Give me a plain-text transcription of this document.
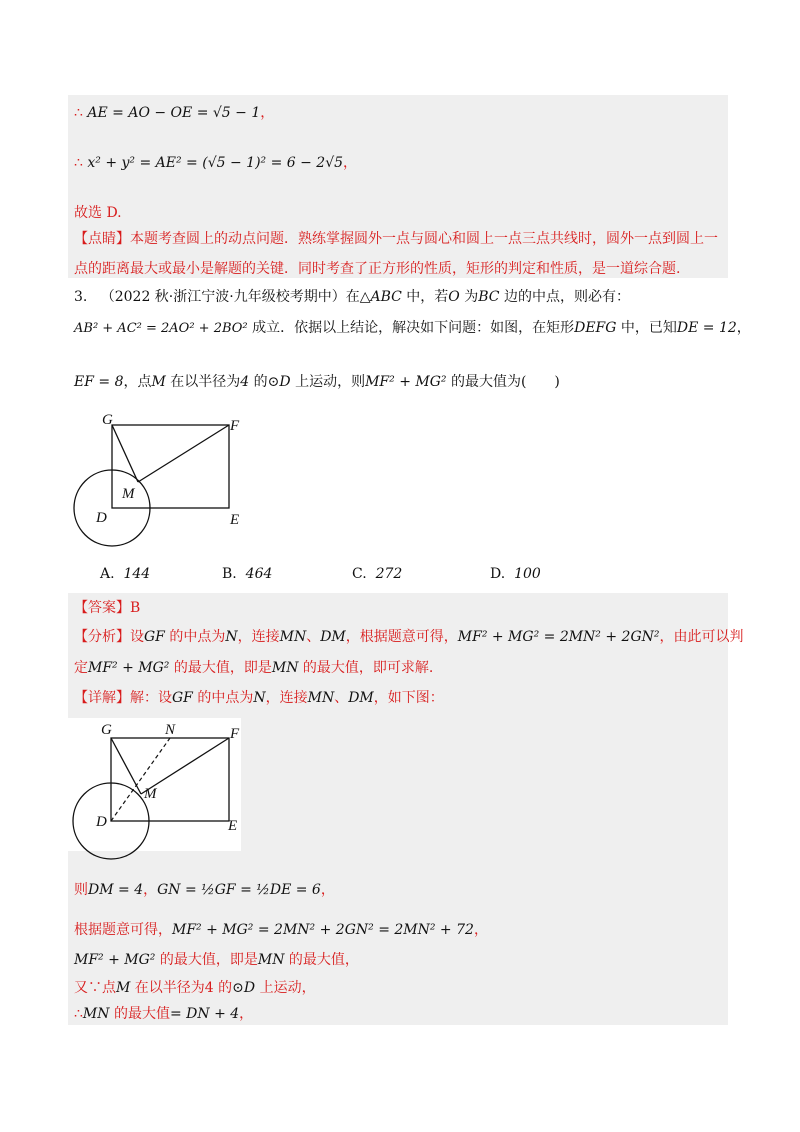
∴ AE = AO − OE = √5 − 1，
∴ x² + y² = AE² = (√5 − 1)² = 6 − 2√5，
故选 D.
【点睛】本题考查圆上的动点问题．熟练掌握圆外一点与圆心和圆上一点三点共线时，圆外一点到圆上一
点的距离最大或最小是解题的关键．同时考查了正方形的性质，矩形的判定和性质，是一道综合题.
3. （2022 秋·浙江宁波·九年级校考期中）在△ABC 中，若O 为BC 边的中点，则必有：
AB² + AC² = 2AO² + 2BO² 成立．依据以上结论，解决如下问题：如图，在矩形DEFG 中，已知DE = 12，
EF = 8，点M 在以半径为4 的⊙D 上运动，则MF² + MG² 的最大值为(　　)
G	F
M
D	E
A. 144	B. 464	C. 272	D. 100
【答案】B
【分析】设GF 的中点为N，连接MN、DM，根据题意可得，MF² + MG² = 2MN² + 2GN²，由此可以判
定MF² + MG² 的最大值，即是MN 的最大值，即可求解.
【详解】解：设GF 的中点为N，连接MN、DM，如下图：
G	N	F
M
D	E
则DM = 4，GN = ½GF = ½DE = 6，
根据题意可得，MF² + MG² = 2MN² + 2GN² = 2MN² + 72，
MF² + MG² 的最大值，即是MN 的最大值，
又∵点M 在以半径为4 的⊙D 上运动，
∴MN 的最大值= DN + 4，
